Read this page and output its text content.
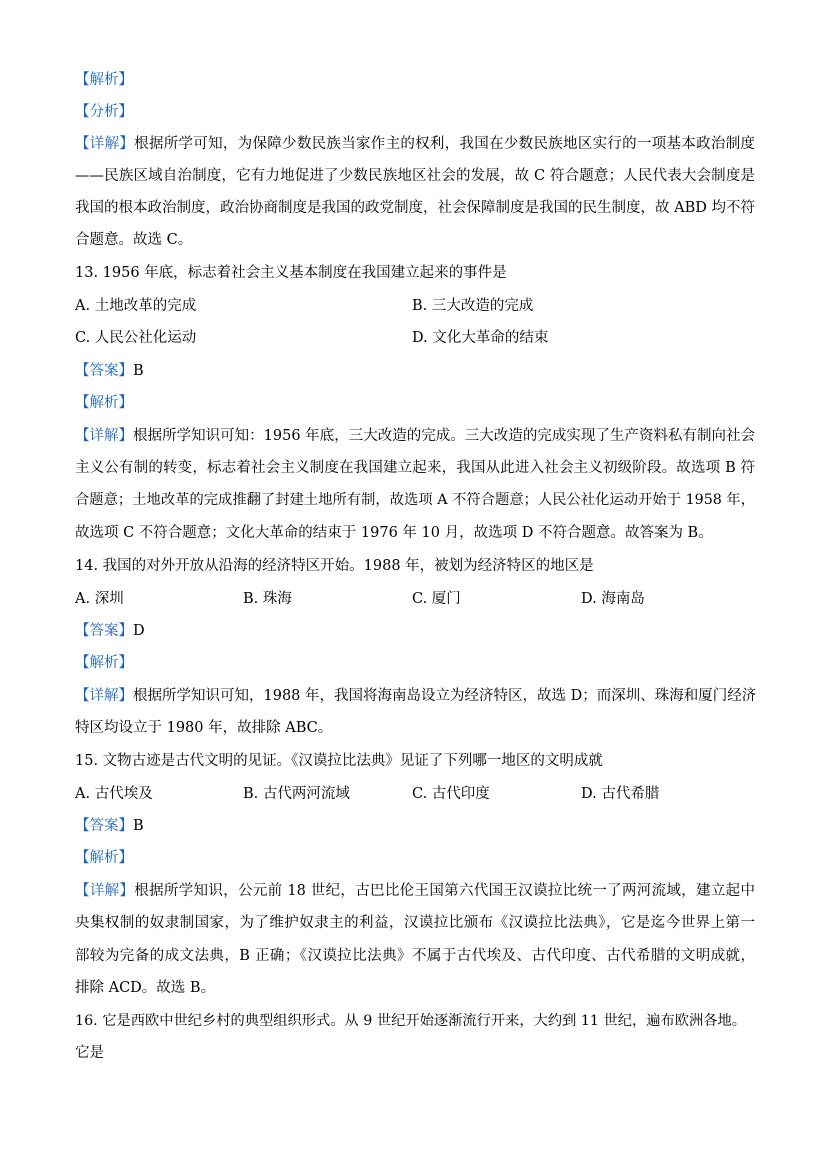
【解析】
【分析】
【详解】根据所学可知，为保障少数民族当家作主的权利，我国在少数民族地区实行的一项基本政治制度
——民族区域自治制度，它有力地促进了少数民族地区社会的发展，故 C 符合题意；人民代表大会制度是
我国的根本政治制度，政治协商制度是我国的政党制度，社会保障制度是我国的民生制度，故 ABD 均不符
合题意。故选 C。
13. 1956 年底，标志着社会主义基本制度在我国建立起来的事件是
A. 土地改革的完成	B. 三大改造的完成
C. 人民公社化运动	D. 文化大革命的结束
【答案】B
【解析】
【详解】根据所学知识可知：1956 年底，三大改造的完成。三大改造的完成实现了生产资料私有制向社会
主义公有制的转变，标志着社会主义制度在我国建立起来，我国从此进入社会主义初级阶段。故选项 B 符
合题意；土地改革的完成推翻了封建土地所有制，故选项 A 不符合题意；人民公社化运动开始于 1958 年，
故选项 C 不符合题意；文化大革命的结束于 1976 年 10 月，故选项 D 不符合题意。故答案为 B。
14. 我国的对外开放从沿海的经济特区开始。1988 年，被划为经济特区的地区是
A. 深圳	B. 珠海	C. 厦门	D. 海南岛
【答案】D
【解析】
【详解】根据所学知识可知，1988 年，我国将海南岛设立为经济特区，故选 D；而深圳、珠海和厦门经济
特区均设立于 1980 年，故排除 ABC。
15. 文物古迹是古代文明的见证。《汉谟拉比法典》见证了下列哪一地区的文明成就
A. 古代埃及	B. 古代两河流域	C. 古代印度	D. 古代希腊
【答案】B
【解析】
【详解】根据所学知识，公元前 18 世纪，古巴比伦王国第六代国王汉谟拉比统一了两河流域，建立起中
央集权制的奴隶制国家，为了维护奴隶主的利益，汉谟拉比颁布《汉谟拉比法典》，它是迄今世界上第一
部较为完备的成文法典，B 正确；《汉谟拉比法典》不属于古代埃及、古代印度、古代希腊的文明成就，
排除 ACD。故选 B。
16. 它是西欧中世纪乡村的典型组织形式。从 9 世纪开始逐渐流行开来，大约到 11 世纪，遍布欧洲各地。
它是
